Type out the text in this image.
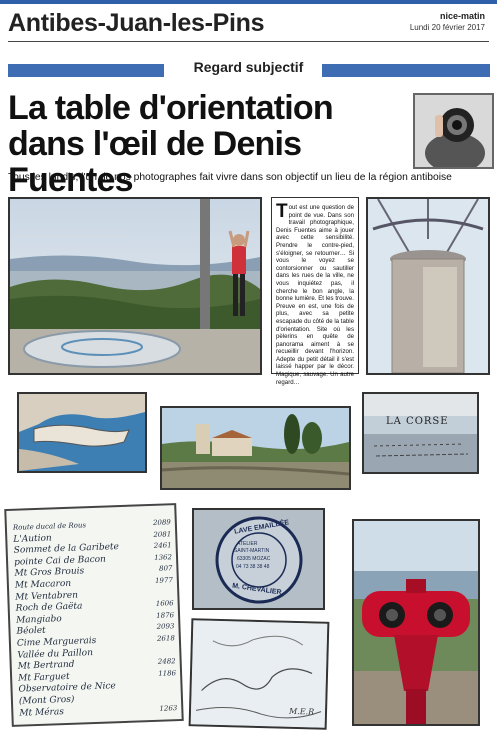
Antibes-Juan-les-Pins	nice-matin
Lundi 20 février 2017
Regard subjectif
La table d'orientation
dans l'œil de Denis Fuentes
Tous les lundis, l'un de nos photographes fait vivre dans son objectif un lieu de la région antiboise

Tout est une question de point de vue. Dans son travail photographique, Denis Fuentes aime à jouer avec cette sensibilité. Prendre le contre-pied, s'éloigner, se retourner… Si vous le voyez se contorsionner ou sautiller dans les rues de la ville, ne vous inquiétez pas, il cherche le bon angle, la bonne lumière. Et les trouve. Preuve en est, une fois de plus, avec sa petite escapade du côté de la table d'orientation. Site où les pèlerins en quête de panorama aiment à se recueillir devant l'horizon. Adepte du petit détail il s'est laissé happer par le décor. Magique, sauvage. Un autre regard…

LA CORSE
Route ducal de Rous	2089
L'Aution	2081
Sommet de la Garibete	2461
pointe Cai de Bacon	1362
Mt Gros Brouis	807
Mt Macaron	1977
Mt Ventabren
Roch de Gaëta	1606
Mangiabo	1876
Béolet	2093
Cime Marguerais	2618
Vallée du Paillon
Mt Bertrand	2482
Mt Farguet	1186
Observatoire de Nice
(Mont Gros)
Mt Méras	1263
LAVE EMAILLÉE
ATELIER
SAINT-MARTIN
63305 MOZAC
04 73 38 38 48
M. CHEVALIER
M.E.R
